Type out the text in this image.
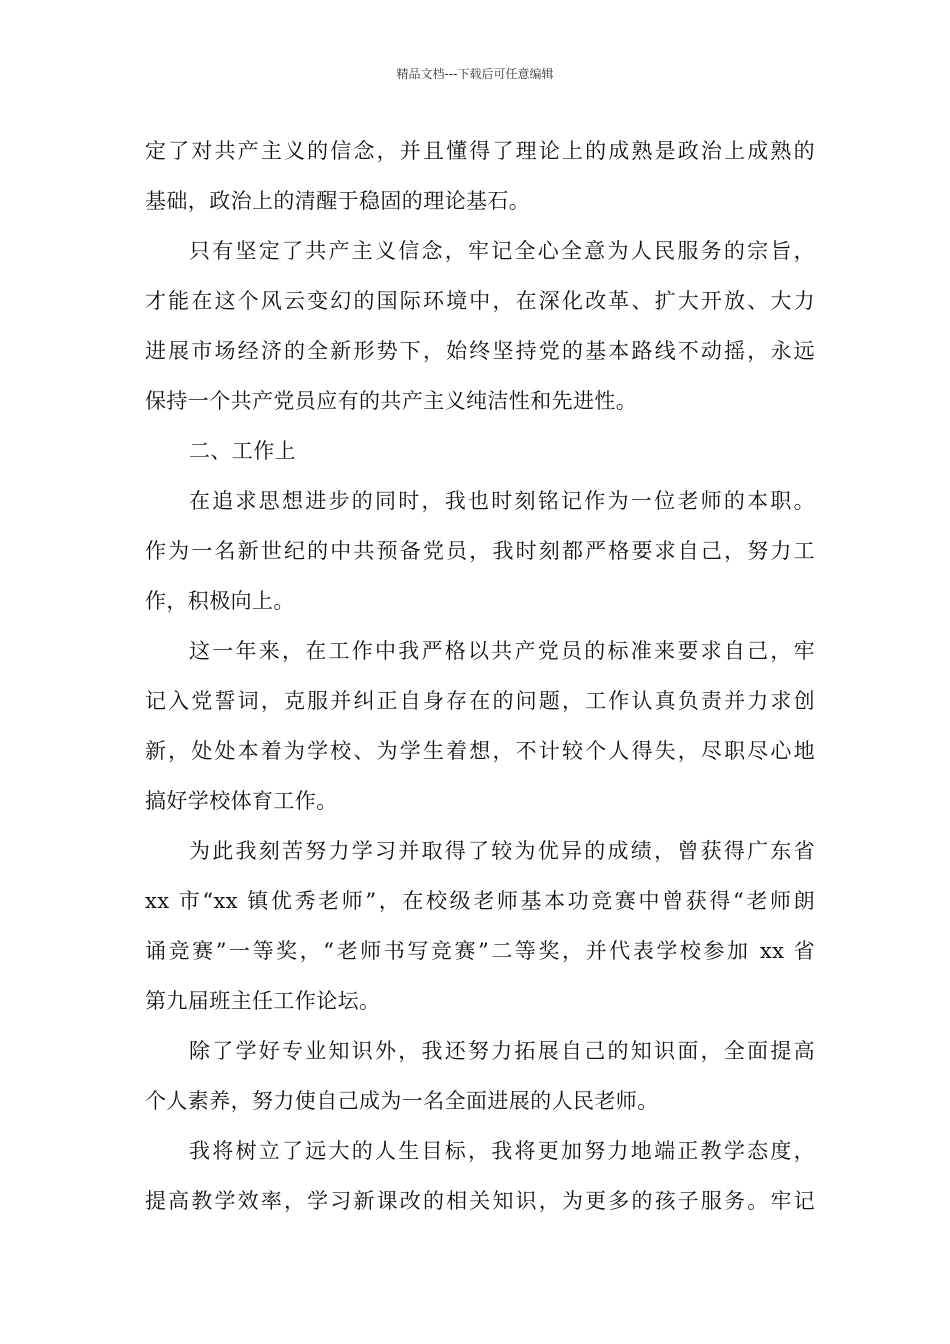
精品文档---下载后可任意编辑
定了对共产主义的信念，并且懂得了理论上的成熟是政治上成熟的
基础，政治上的清醒于稳固的理论基石。
只有坚定了共产主义信念，牢记全心全意为人民服务的宗旨，
才能在这个风云变幻的国际环境中，在深化改革、扩大开放、大力
进展市场经济的全新形势下，始终坚持党的基本路线不动摇，永远
保持一个共产党员应有的共产主义纯洁性和先进性。
二、工作上
在追求思想进步的同时，我也时刻铭记作为一位老师的本职。
作为一名新世纪的中共预备党员，我时刻都严格要求自己，努力工
作，积极向上。
这一年来，在工作中我严格以共产党员的标准来要求自己，牢
记入党誓词，克服并纠正自身存在的问题，工作认真负责并力求创
新，处处本着为学校、为学生着想，不计较个人得失，尽职尽心地
搞好学校体育工作。
为此我刻苦努力学习并取得了较为优异的成绩，曾获得广东省
xx 市“xx 镇优秀老师”，在校级老师基本功竞赛中曾获得“老师朗
诵竞赛”一等奖，“老师书写竞赛”二等奖，并代表学校参加 xx 省
第九届班主任工作论坛。
除了学好专业知识外，我还努力拓展自己的知识面，全面提高
个人素养，努力使自己成为一名全面进展的人民老师。
我将树立了远大的人生目标，我将更加努力地端正教学态度，
提高教学效率，学习新课改的相关知识，为更多的孩子服务。牢记
